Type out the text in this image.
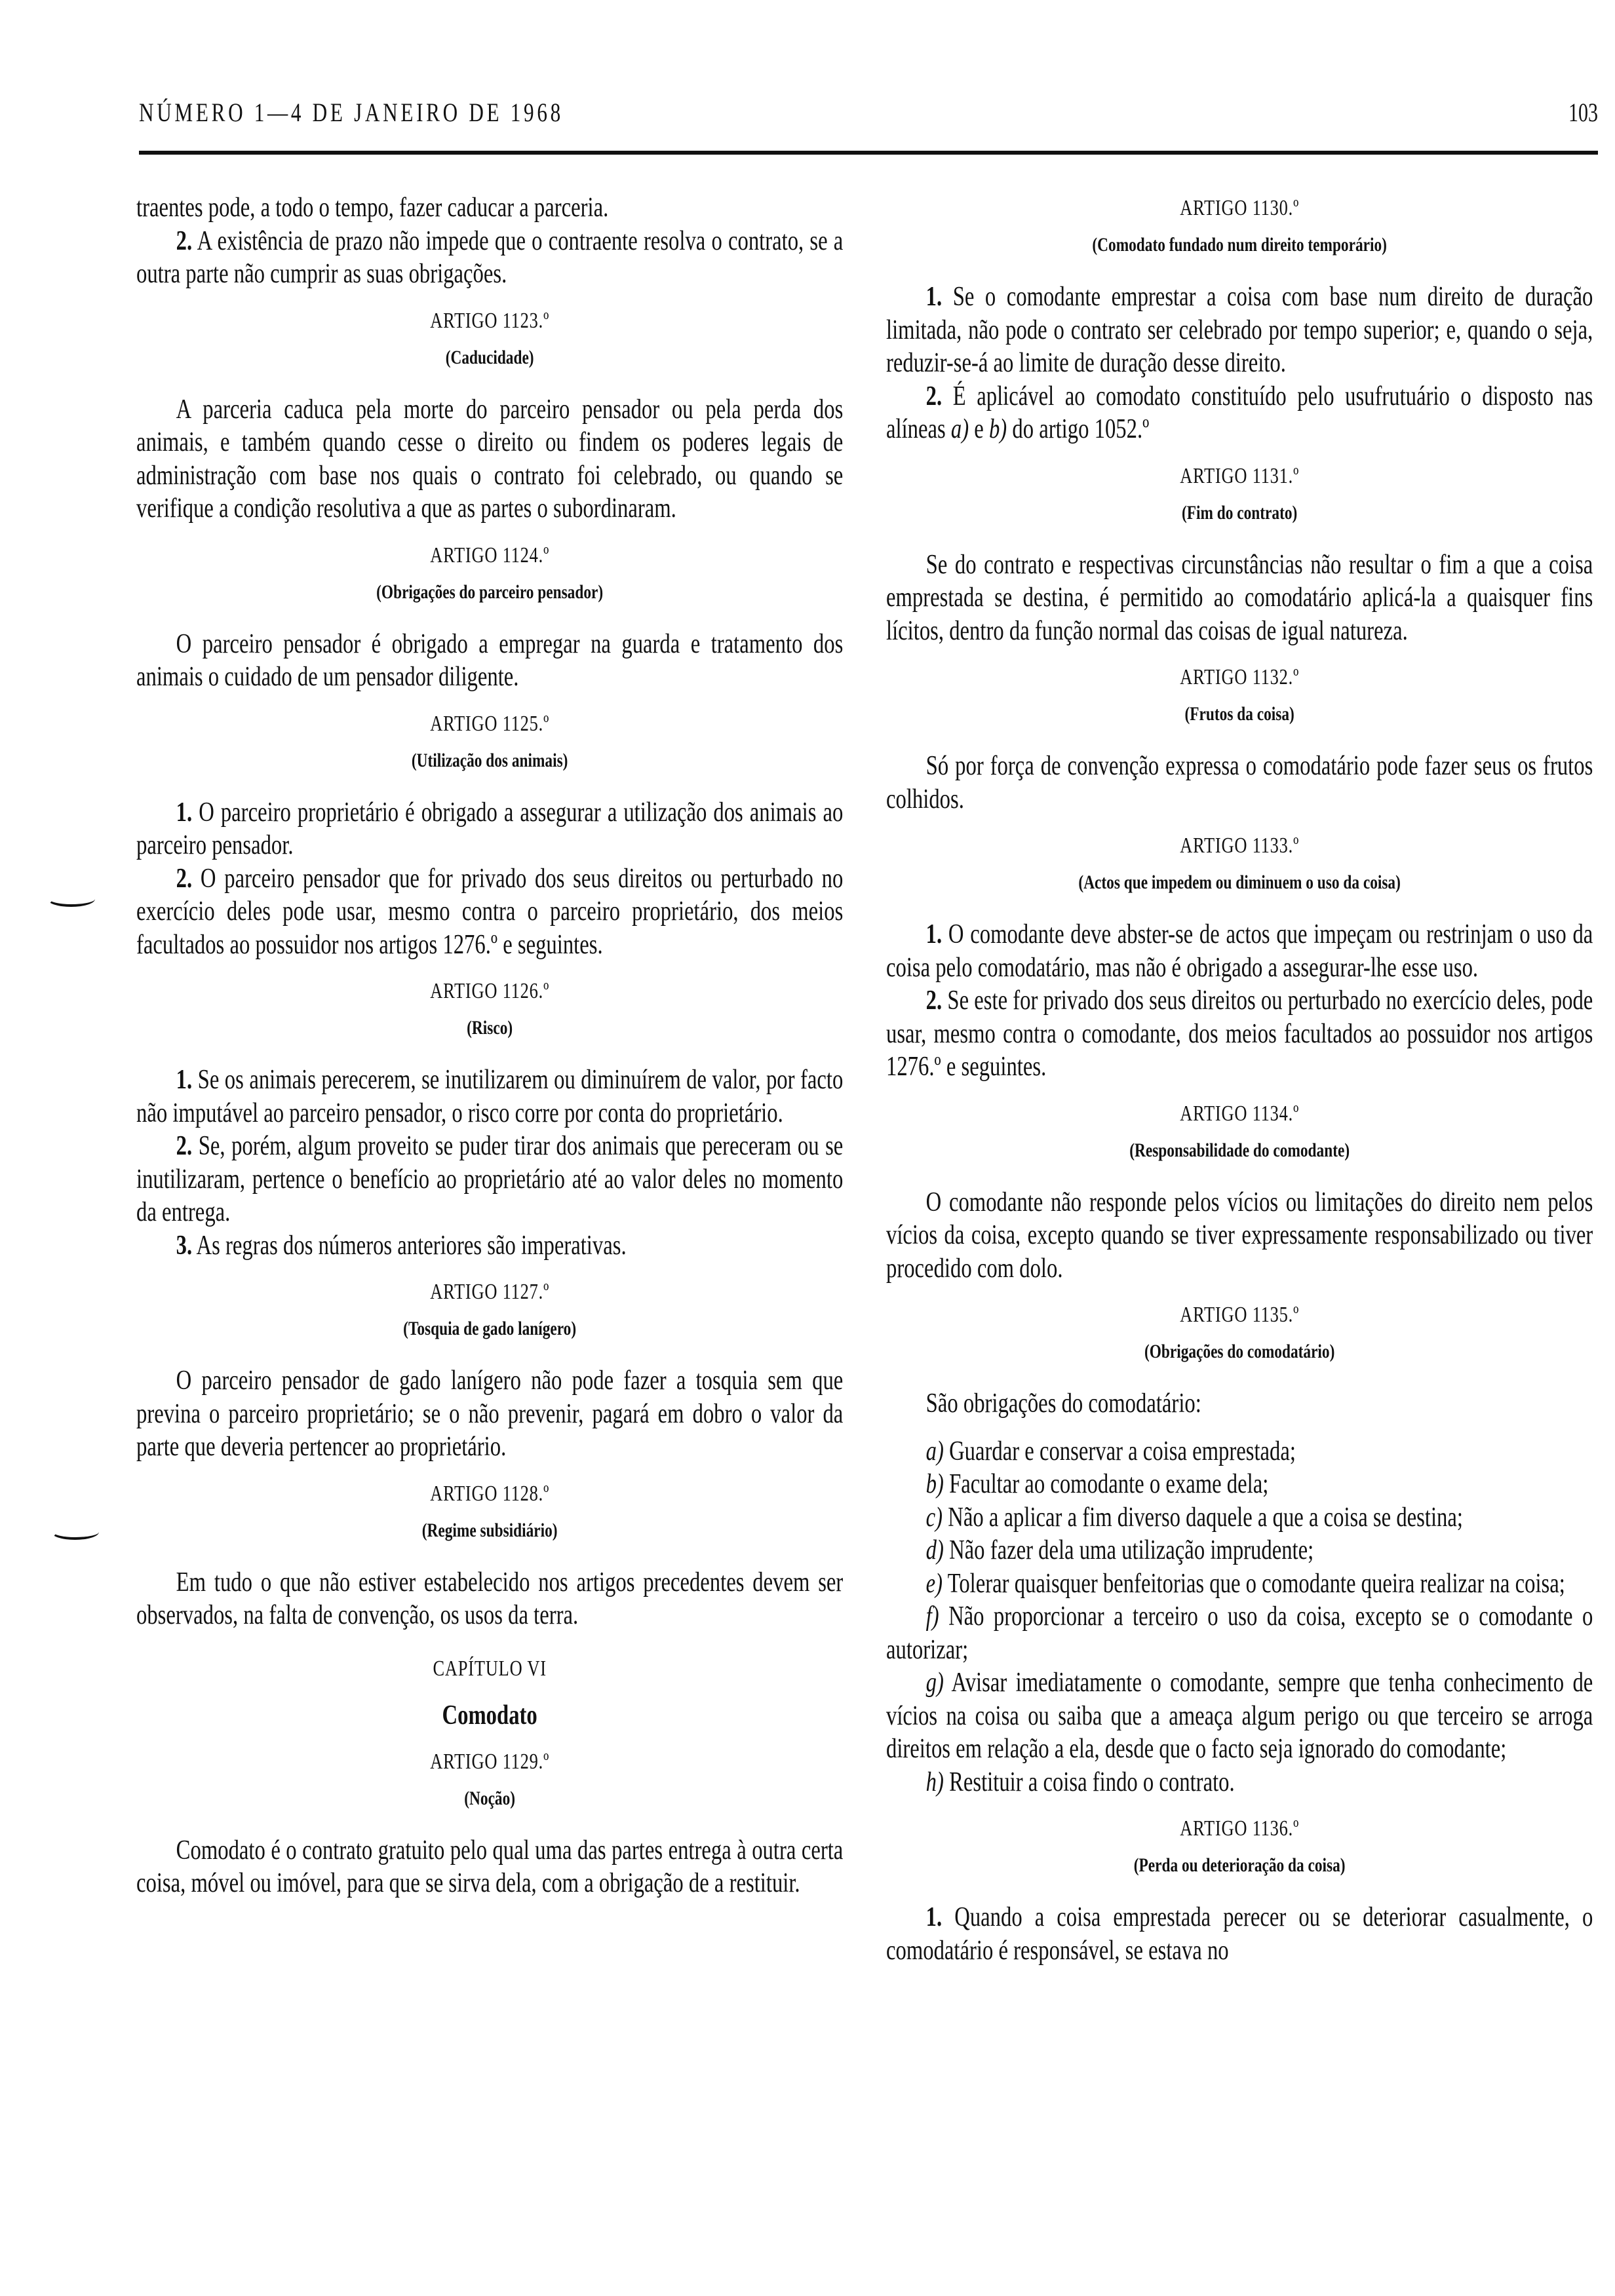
NÚMERO 1—4 DE JANEIRO DE 1968	103

traentes pode, a todo o tempo, fazer caducar a parceria.

2. A existência de prazo não impede que o contraente resolva o contrato, se a outra parte não cumprir as suas obrigações.

ARTIGO 1123.º
(Caducidade)

A parceria caduca pela morte do parceiro pensador ou pela perda dos animais, e também quando cesse o direito ou findem os poderes legais de administração com base nos quais o contrato foi celebrado, ou quando se verifique a condição resolutiva a que as partes o subordinaram.

ARTIGO 1124.º
(Obrigações do parceiro pensador)

O parceiro pensador é obrigado a empregar na guarda e tratamento dos animais o cuidado de um pensador diligente.

ARTIGO 1125.º
(Utilização dos animais)

1. O parceiro proprietário é obrigado a assegurar a utilização dos animais ao parceiro pensador.

2. O parceiro pensador que for privado dos seus direitos ou perturbado no exercício deles pode usar, mesmo contra o parceiro proprietário, dos meios facultados ao possuidor nos artigos 1276.º e seguintes.

ARTIGO 1126.º
(Risco)

1. Se os animais perecerem, se inutilizarem ou diminuírem de valor, por facto não imputável ao parceiro pensador, o risco corre por conta do proprietário.

2. Se, porém, algum proveito se puder tirar dos animais que pereceram ou se inutilizaram, pertence o benefício ao proprietário até ao valor deles no momento da entrega.

3. As regras dos números anteriores são imperativas.

ARTIGO 1127.º
(Tosquia de gado lanígero)

O parceiro pensador de gado lanígero não pode fazer a tosquia sem que previna o parceiro proprietário; se o não prevenir, pagará em dobro o valor da parte que deveria pertencer ao proprietário.

ARTIGO 1128.º
(Regime subsidiário)

Em tudo o que não estiver estabelecido nos artigos precedentes devem ser observados, na falta de convenção, os usos da terra.

CAPÍTULO VI
Comodato
ARTIGO 1129.º
(Noção)

Comodato é o contrato gratuito pelo qual uma das partes entrega à outra certa coisa, móvel ou imóvel, para que se sirva dela, com a obrigação de a restituir.

ARTIGO 1130.º
(Comodato fundado num direito temporário)

1. Se o comodante emprestar a coisa com base num direito de duração limitada, não pode o contrato ser celebrado por tempo superior; e, quando o seja, reduzir-se-á ao limite de duração desse direito.

2. É aplicável ao comodato constituído pelo usufrutuário o disposto nas alíneas a) e b) do artigo 1052.º

ARTIGO 1131.º
(Fim do contrato)

Se do contrato e respectivas circunstâncias não resultar o fim a que a coisa emprestada se destina, é permitido ao comodatário aplicá-la a quaisquer fins lícitos, dentro da função normal das coisas de igual natureza.

ARTIGO 1132.º
(Frutos da coisa)

Só por força de convenção expressa o comodatário pode fazer seus os frutos colhidos.

ARTIGO 1133.º
(Actos que impedem ou diminuem o uso da coisa)

1. O comodante deve abster-se de actos que impeçam ou restrinjam o uso da coisa pelo comodatário, mas não é obrigado a assegurar-lhe esse uso.

2. Se este for privado dos seus direitos ou perturbado no exercício deles, pode usar, mesmo contra o comodante, dos meios facultados ao possuidor nos artigos 1276.º e seguintes.

ARTIGO 1134.º
(Responsabilidade do comodante)

O comodante não responde pelos vícios ou limitações do direito nem pelos vícios da coisa, excepto quando se tiver expressamente responsabilizado ou tiver procedido com dolo.

ARTIGO 1135.º
(Obrigações do comodatário)

São obrigações do comodatário:

a) Guardar e conservar a coisa emprestada;

b) Facultar ao comodante o exame dela;

c) Não a aplicar a fim diverso daquele a que a coisa se destina;

d) Não fazer dela uma utilização imprudente;

e) Tolerar quaisquer benfeitorias que o comodante queira realizar na coisa;

f) Não proporcionar a terceiro o uso da coisa, excepto se o comodante o autorizar;

g) Avisar imediatamente o comodante, sempre que tenha conhecimento de vícios na coisa ou saiba que a ameaça algum perigo ou que terceiro se arroga direitos em relação a ela, desde que o facto seja ignorado do comodante;

h) Restituir a coisa findo o contrato.

ARTIGO 1136.º
(Perda ou deterioração da coisa)

1. Quando a coisa emprestada perecer ou se deteriorar casualmente, o comodatário é responsável, se estava no
